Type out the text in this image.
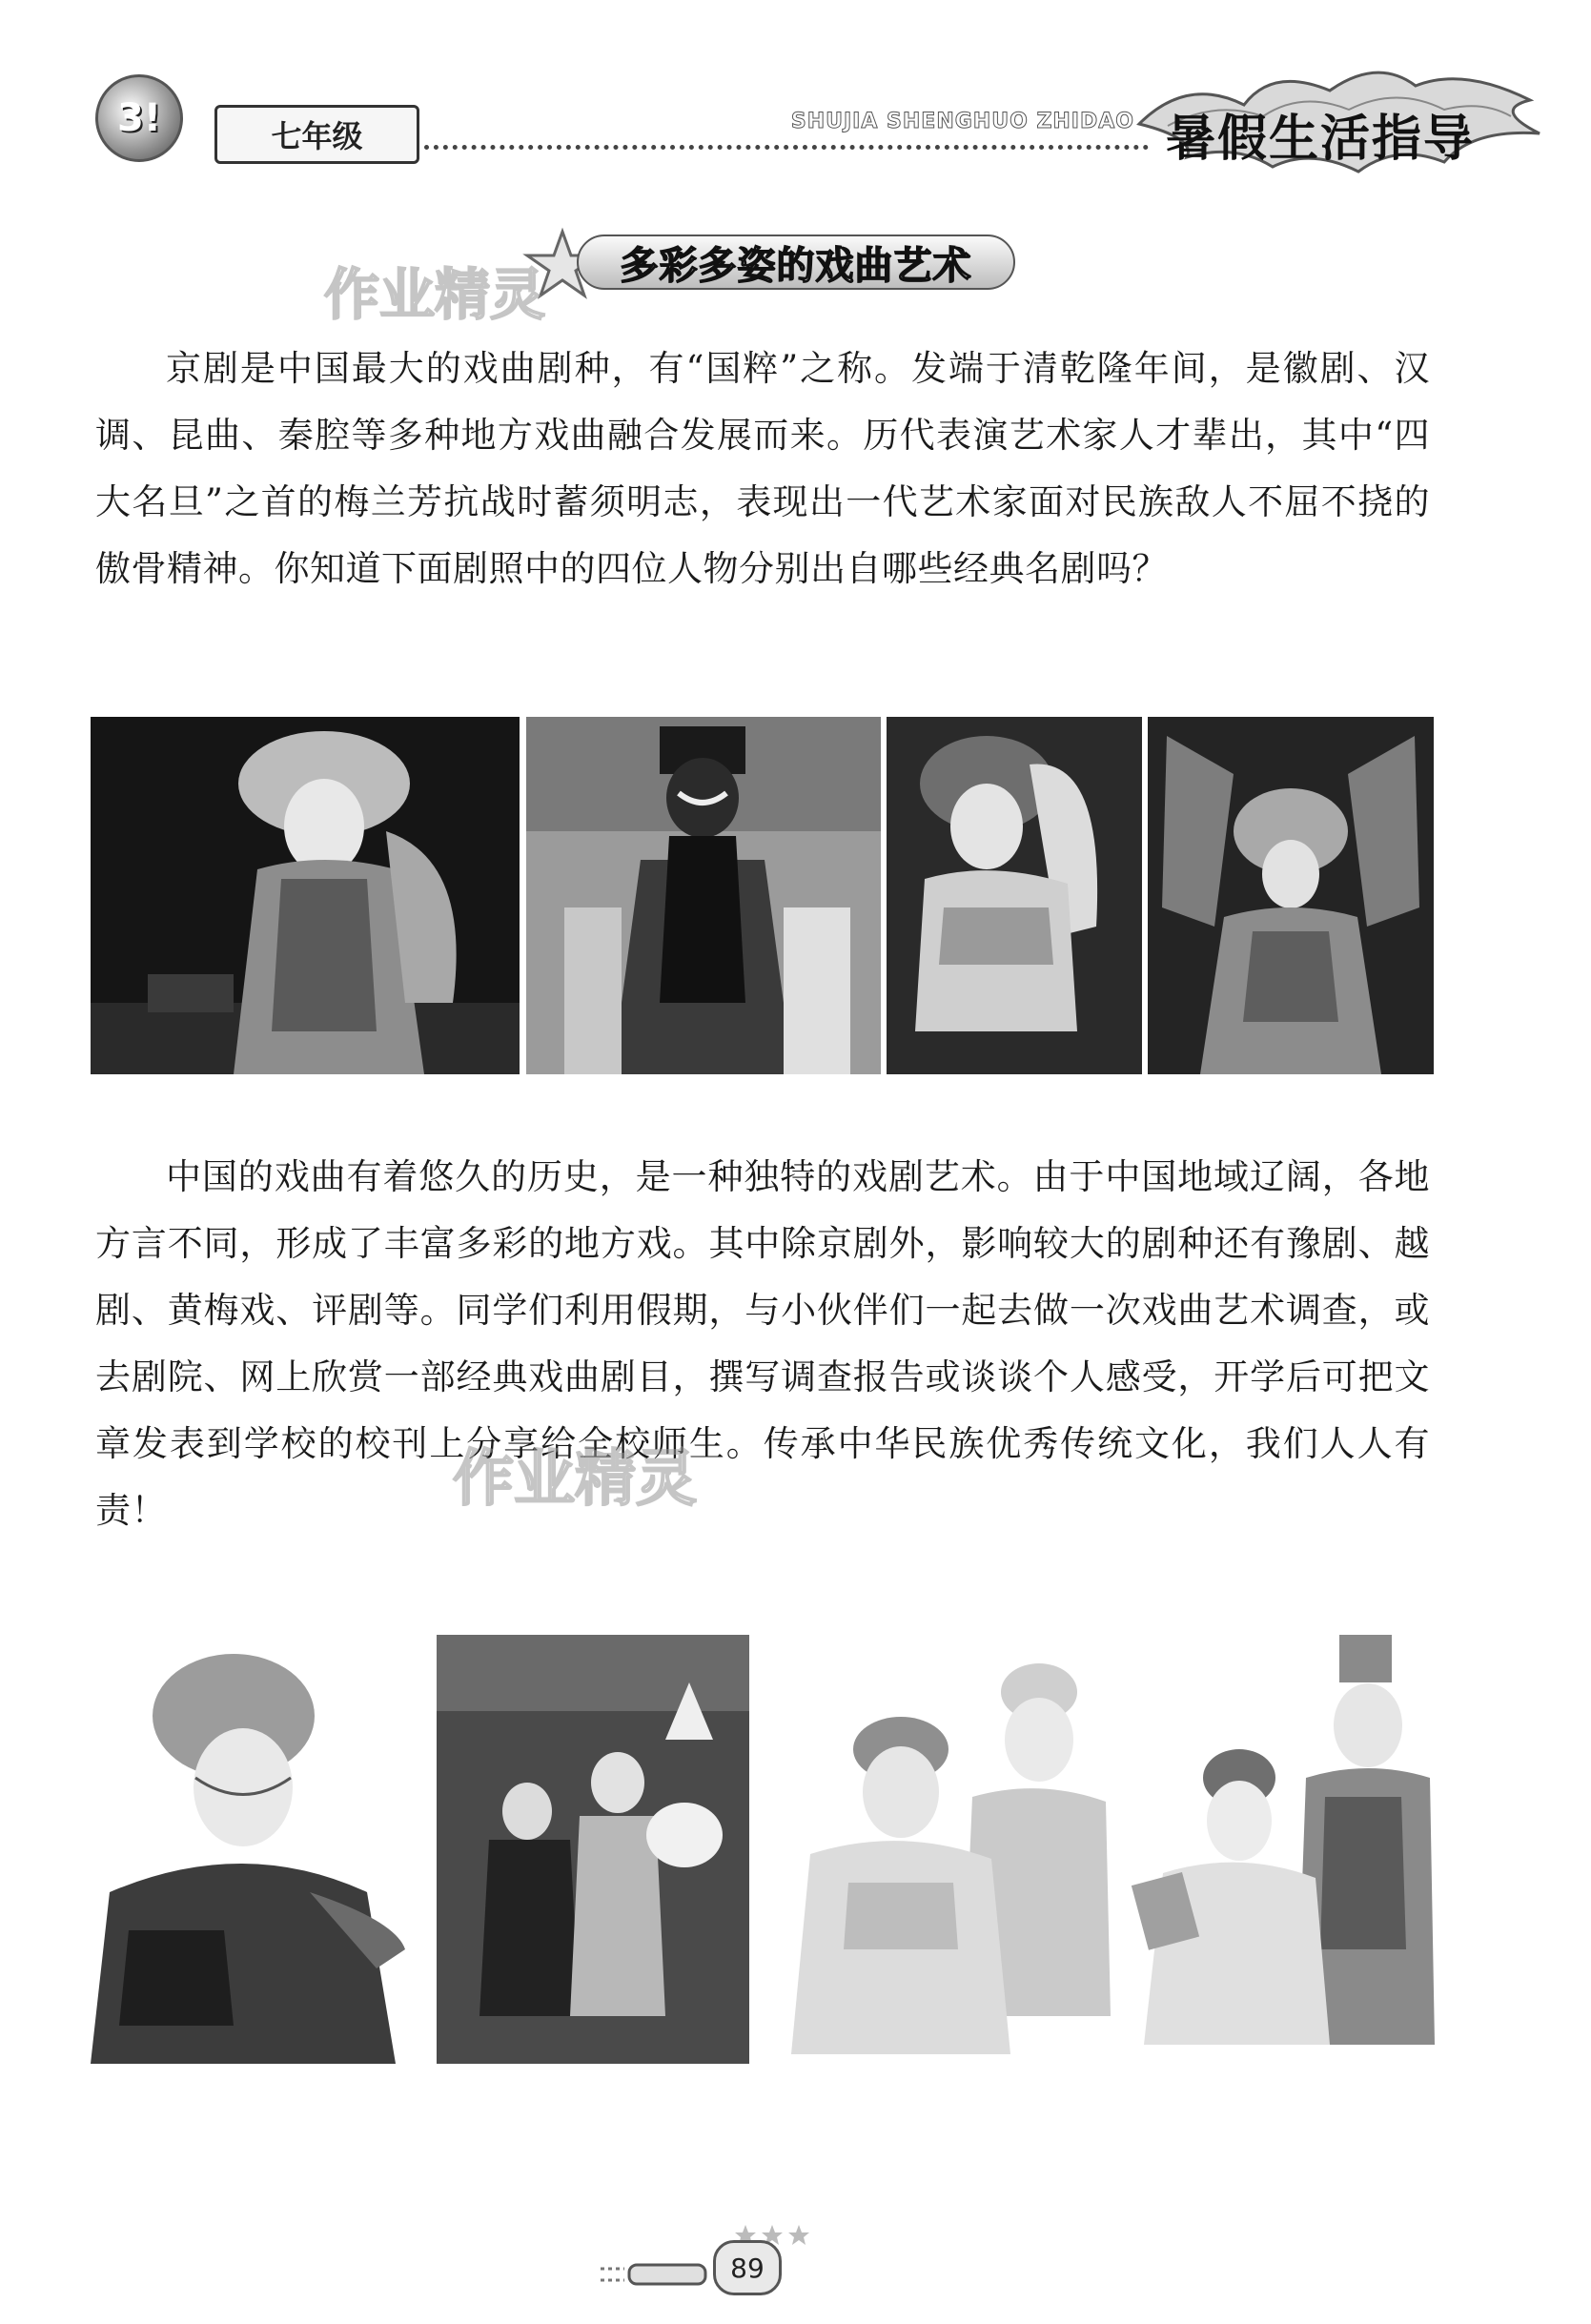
3!	七年级	SHUJIA SHENGHUO ZHIDAO 暑假生活指导
多彩多姿的戏曲艺术
作业精灵
京剧是中国最大的戏曲剧种，有“国粹”之称。发端于清乾隆年间，是徽剧、汉调、昆曲、秦腔等多种地方戏曲融合发展而来。历代表演艺术家人才辈出，其中“四大名旦”之首的梅兰芳抗战时蓄须明志，表现出一代艺术家面对民族敌人不屈不挠的傲骨精神。你知道下面剧照中的四位人物分别出自哪些经典名剧吗？
中国的戏曲有着悠久的历史，是一种独特的戏剧艺术。由于中国地域辽阔，各地方言不同，形成了丰富多彩的地方戏。其中除京剧外，影响较大的剧种还有豫剧、越剧、黄梅戏、评剧等。同学们利用假期，与小伙伴们一起去做一次戏曲艺术调查，或去剧院、网上欣赏一部经典戏曲剧目，撰写调查报告或谈谈个人感受，开学后可把文章发表到学校的校刊上分享给全校师生。传承中华民族优秀传统文化，我们人人有责！	作业精灵
89
